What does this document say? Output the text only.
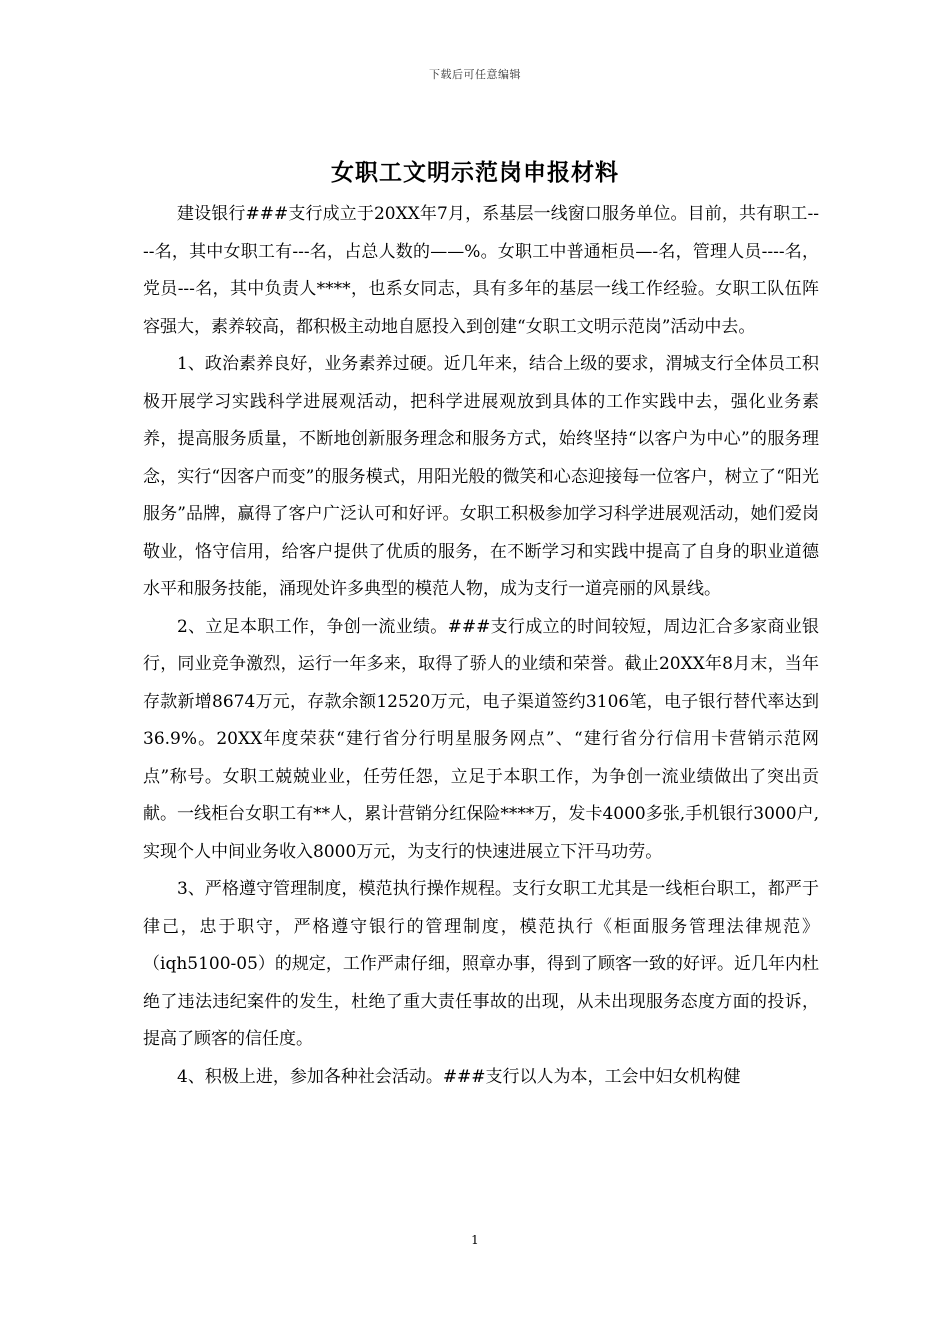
下载后可任意编辑
女职工文明示范岗申报材料

建设银行###支行成立于20XX年7月，系基层一线窗口服务单位。目前，共有职工----名，其中女职工有---名，占总人数的——%。女职工中普通柜员—-名，管理人员----名，党员---名，其中负责人****，也系女同志，具有多年的基层一线工作经验。女职工队伍阵容强大，素养较高，都积极主动地自愿投入到创建“女职工文明示范岗”活动中去。

1、政治素养良好，业务素养过硬。近几年来，结合上级的要求，渭城支行全体员工积极开展学习实践科学进展观活动，把科学进展观放到具体的工作实践中去，强化业务素养，提高服务质量，不断地创新服务理念和服务方式，始终坚持“以客户为中心”的服务理念，实行“因客户而变”的服务模式，用阳光般的微笑和心态迎接每一位客户，树立了“阳光服务”品牌，赢得了客户广泛认可和好评。女职工积极参加学习科学进展观活动，她们爱岗敬业，恪守信用，给客户提供了优质的服务，在不断学习和实践中提高了自身的职业道德水平和服务技能，涌现处许多典型的模范人物，成为支行一道亮丽的风景线。

2、立足本职工作，争创一流业绩。###支行成立的时间较短，周边汇合多家商业银行，同业竞争激烈，运行一年多来，取得了骄人的业绩和荣誉。截止20XX年8月末，当年存款新增8674万元，存款余额12520万元，电子渠道签约3106笔，电子银行替代率达到36.9%。20XX年度荣获“建行省分行明星服务网点”、“建行省分行信用卡营销示范网点”称号。女职工兢兢业业，任劳任怨，立足于本职工作，为争创一流业绩做出了突出贡献。一线柜台女职工有**人，累计营销分红保险****万，发卡4000多张,手机银行3000户,实现个人中间业务收入8000万元，为支行的快速进展立下汗马功劳。

3、严格遵守管理制度，模范执行操作规程。支行女职工尤其是一线柜台职工，都严于律己，忠于职守，严格遵守银行的管理制度，模范执行《柜面服务管理法律规范》（iqh5100-05）的规定，工作严肃仔细，照章办事，得到了顾客一致的好评。近几年内杜绝了违法违纪案件的发生，杜绝了重大责任事故的出现，从未出现服务态度方面的投诉，提高了顾客的信任度。

4、积极上进，参加各种社会活动。###支行以人为本，工会中妇女机构健

1
